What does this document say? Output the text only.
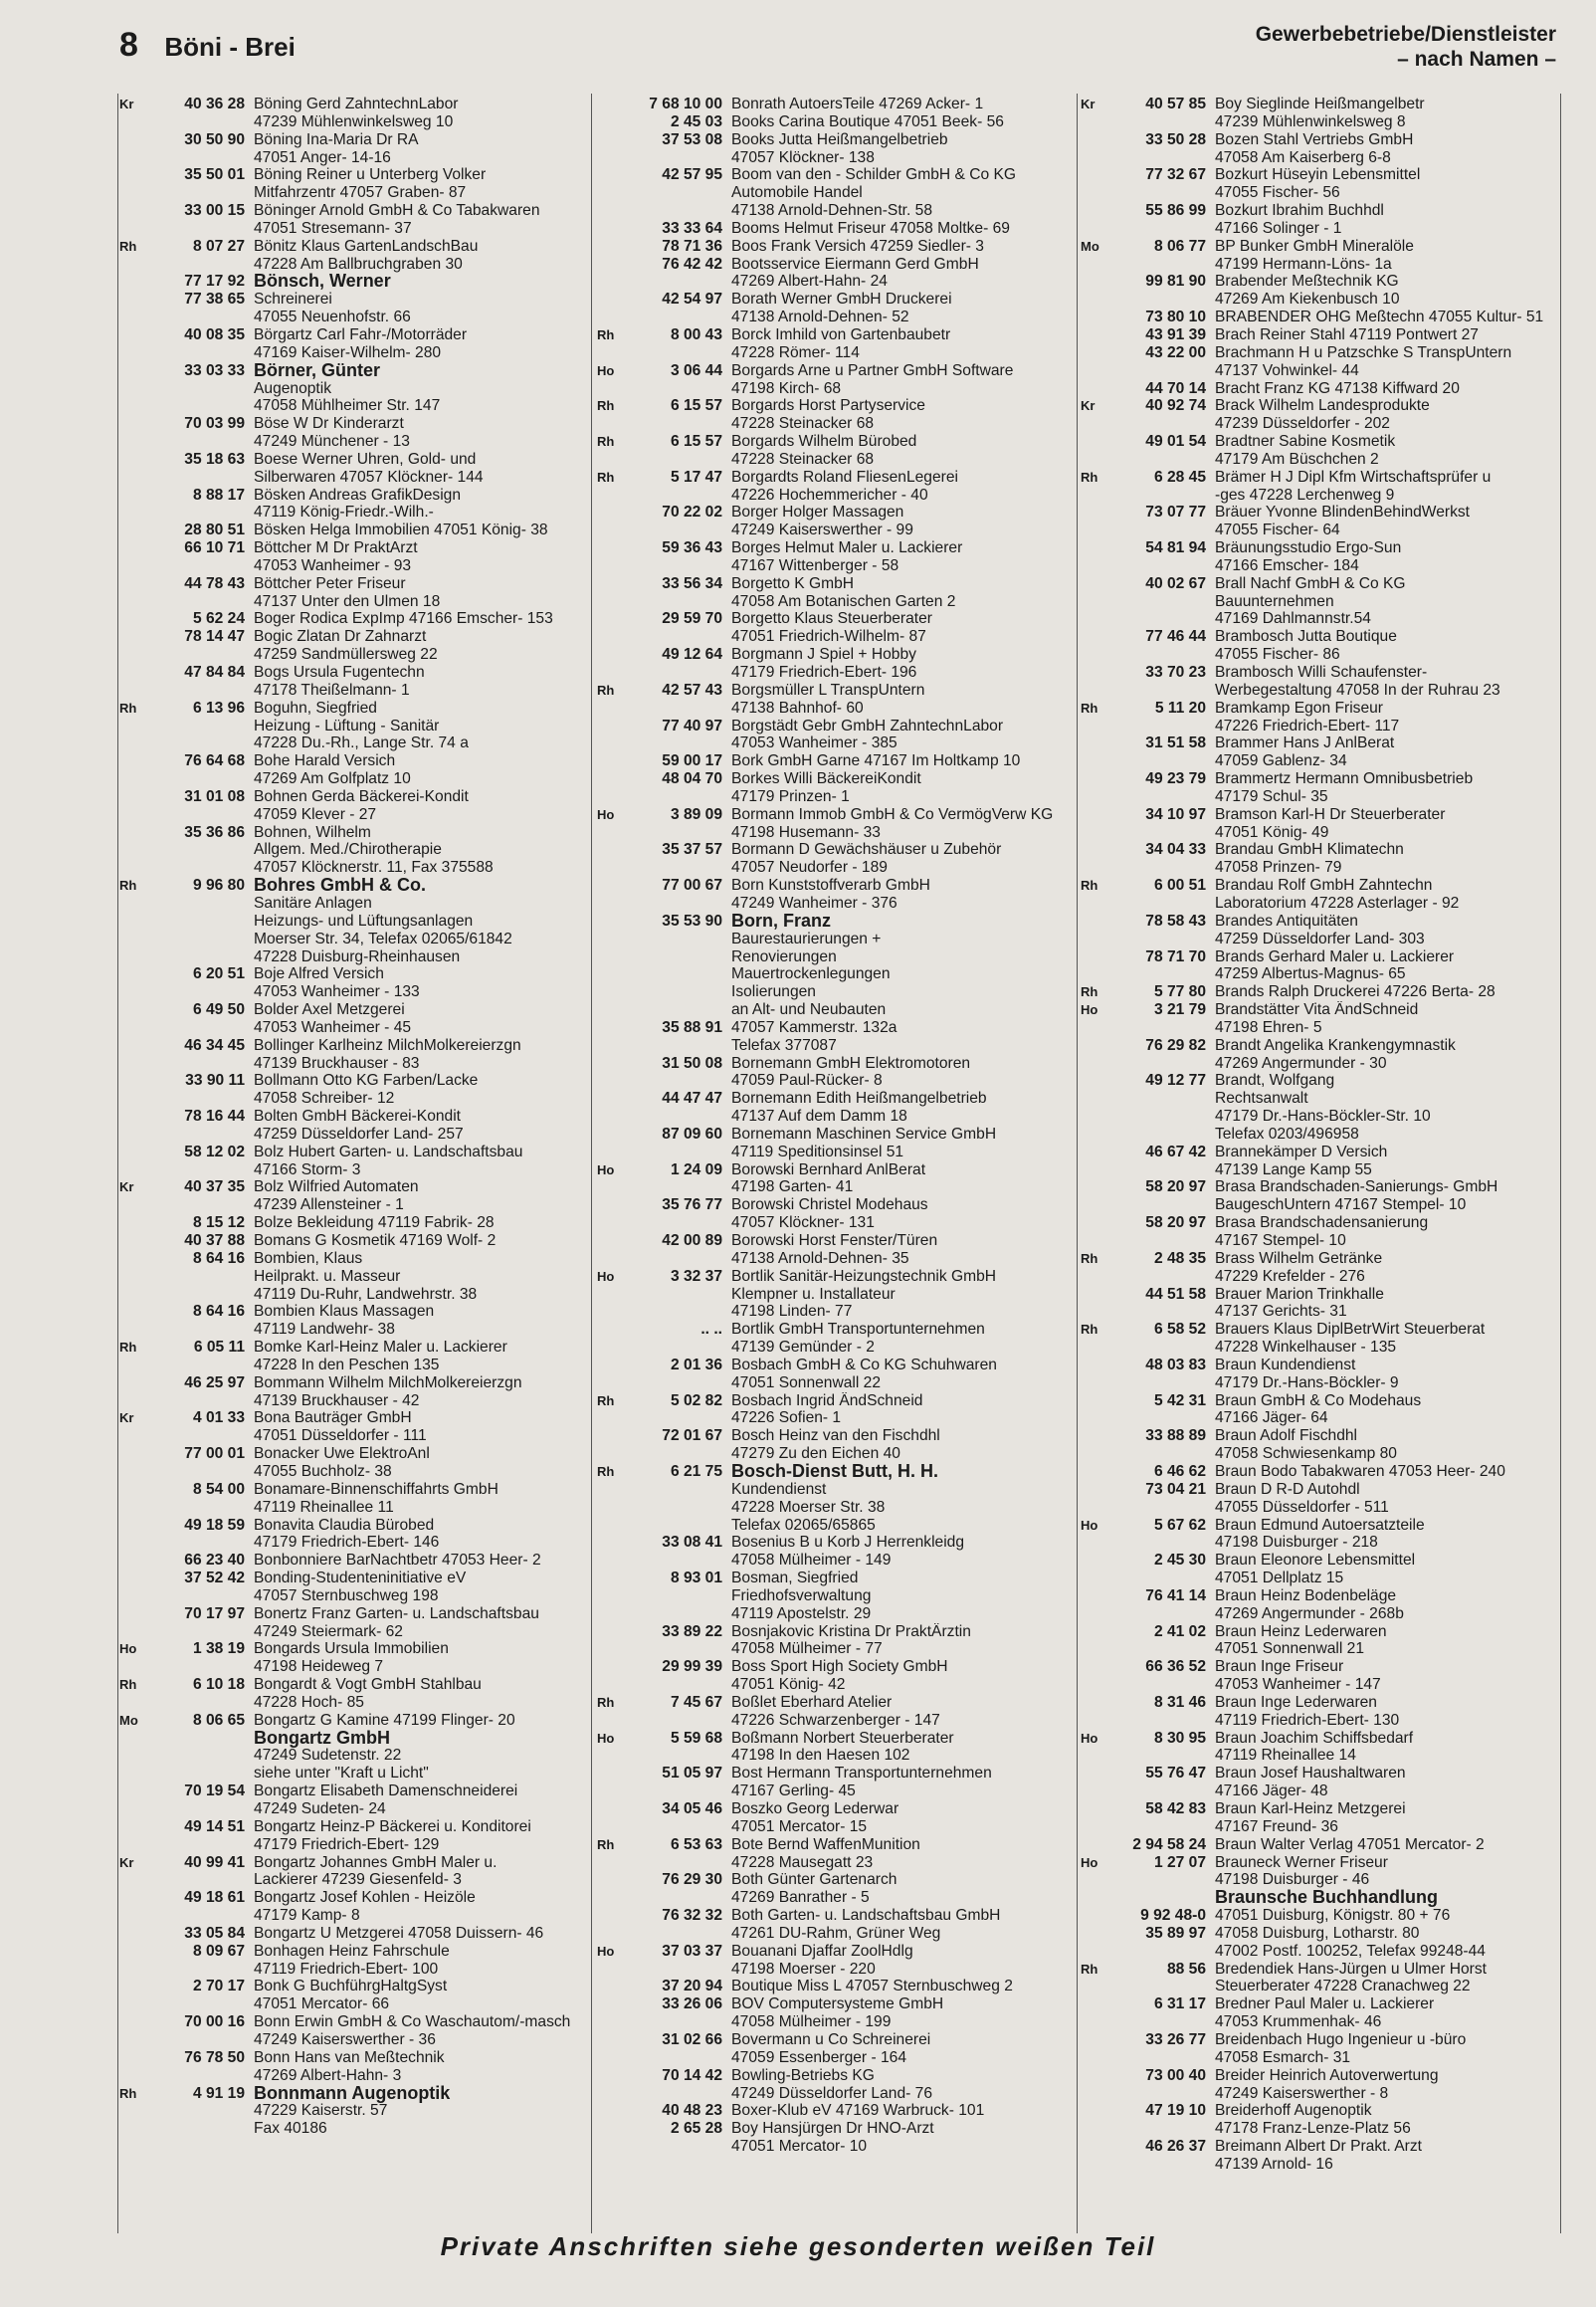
8 Böni - Brei	Gewerbebetriebe/Dienstleister
– nach Namen –
Kr	40 36 28 Böning Gerd ZahntechnLabor
47239 Mühlenwinkelsweg 10
30 50 90 Böning Ina-Maria Dr RA
47051 Anger- 14-16
35 50 01 Böning Reiner u Unterberg Volker
Mitfahrzentr 47057 Graben- 87
33 00 15 Böninger Arnold GmbH & Co Tabakwaren
47051 Stresemann- 37
Rh	8 07 27 Bönitz Klaus GartenLandschBau
47228 Am Ballbruchgraben 30
77 17 92 Bönsch, Werner
77 38 65 Schreinerei
47055 Neuenhofstr. 66
40 08 35 Börgartz Carl Fahr-/Motorräder
47169 Kaiser-Wilhelm- 280
33 03 33 Börner, Günter
Augenoptik
47058 Mühlheimer Str. 147
70 03 99 Böse W Dr Kinderarzt
47249 Münchener - 13
35 18 63 Boese Werner Uhren, Gold- und
Silberwaren 47057 Klöckner- 144
8 88 17 Bösken Andreas GrafikDesign
47119 König-Friedr.-Wilh.-
28 80 51 Bösken Helga Immobilien 47051 König- 38
66 10 71 Böttcher M Dr PraktArzt
47053 Wanheimer - 93
44 78 43 Böttcher Peter Friseur
47137 Unter den Ulmen 18
5 62 24 Boger Rodica ExpImp 47166 Emscher- 153
78 14 47 Bogic Zlatan Dr Zahnarzt
47259 Sandmüllersweg 22
47 84 84 Bogs Ursula Fugentechn
47178 Theißelmann- 1
Rh	6 13 96 Boguhn, Siegfried
Heizung - Lüftung - Sanitär
47228 Du.-Rh., Lange Str. 74 a
76 64 68 Bohe Harald Versich
47269 Am Golfplatz 10
31 01 08 Bohnen Gerda Bäckerei-Kondit
47059 Klever - 27
35 36 86 Bohnen, Wilhelm
Allgem. Med./Chirotherapie
47057 Klöcknerstr. 11, Fax 375588
Rh	9 96 80 Bohres GmbH & Co.
Sanitäre Anlagen
Heizungs- und Lüftungsanlagen
Moerser Str. 34, Telefax 02065/61842
47228 Duisburg-Rheinhausen
6 20 51 Boje Alfred Versich
47053 Wanheimer - 133
6 49 50 Bolder Axel Metzgerei
47053 Wanheimer - 45
46 34 45 Bollinger Karlheinz MilchMolkereierzgn
47139 Bruckhauser - 83
33 90 11 Bollmann Otto KG Farben/Lacke
47058 Schreiber- 12
78 16 44 Bolten GmbH Bäckerei-Kondit
47259 Düsseldorfer Land- 257
58 12 02 Bolz Hubert Garten- u. Landschaftsbau
47166 Storm- 3
Kr	40 37 35 Bolz Wilfried Automaten
47239 Allensteiner - 1
8 15 12 Bolze Bekleidung 47119 Fabrik- 28
40 37 88 Bomans G Kosmetik 47169 Wolf- 2
8 64 16 Bombien, Klaus
Heilprakt. u. Masseur
47119 Du-Ruhr, Landwehrstr. 38
8 64 16 Bombien Klaus Massagen
47119 Landwehr- 38
Rh	6 05 11 Bomke Karl-Heinz Maler u. Lackierer
47228 In den Peschen 135
46 25 97 Bommann Wilhelm MilchMolkereierzgn
47139 Bruckhauser - 42
Kr	4 01 33 Bona Bauträger GmbH
47051 Düsseldorfer - 111
77 00 01 Bonacker Uwe ElektroAnl
47055 Buchholz- 38
8 54 00 Bonamare-Binnenschiffahrts GmbH
47119 Rheinallee 11
49 18 59 Bonavita Claudia Bürobed
47179 Friedrich-Ebert- 146
66 23 40 Bonbonniere BarNachtbetr 47053 Heer- 2
37 52 42 Bonding-Studenteninitiative eV
47057 Sternbuschweg 198
70 17 97 Bonertz Franz Garten- u. Landschaftsbau
47249 Steiermark- 62
Ho	1 38 19 Bongards Ursula Immobilien
47198 Heideweg 7
Rh	6 10 18 Bongardt & Vogt GmbH Stahlbau
47228 Hoch- 85
Mo	8 06 65 Bongartz G Kamine 47199 Flinger- 20
Bongartz GmbH
47249 Sudetenstr. 22
siehe unter "Kraft u Licht"
70 19 54 Bongartz Elisabeth Damenschneiderei
47249 Sudeten- 24
49 14 51 Bongartz Heinz-P Bäckerei u. Konditorei
47179 Friedrich-Ebert- 129
Kr	40 99 41 Bongartz Johannes GmbH Maler u.
Lackierer 47239 Giesenfeld- 3
49 18 61 Bongartz Josef Kohlen - Heizöle
47179 Kamp- 8
33 05 84 Bongartz U Metzgerei 47058 Duissern- 46
8 09 67 Bonhagen Heinz Fahrschule
47119 Friedrich-Ebert- 100
2 70 17 Bonk G BuchführgHaltgSyst
47051 Mercator- 66
70 00 16 Bonn Erwin GmbH & Co Waschautom/-masch
47249 Kaiserswerther - 36
76 78 50 Bonn Hans van Meßtechnik
47269 Albert-Hahn- 3
Rh	4 91 19 Bonnmann Augenoptik
47229 Kaiserstr. 57
Fax 40186
7 68 10 00 Bonrath AutoersTeile 47269 Acker- 1
2 45 03 Books Carina Boutique 47051 Beek- 56
37 53 08 Books Jutta Heißmangelbetrieb
47057 Klöckner- 138
42 57 95 Boom van den - Schilder GmbH & Co KG
Automobile Handel
47138 Arnold-Dehnen-Str. 58
33 33 64 Booms Helmut Friseur 47058 Moltke- 69
78 71 36 Boos Frank Versich 47259 Siedler- 3
76 42 42 Bootsservice Eiermann Gerd GmbH
47269 Albert-Hahn- 24
42 54 97 Borath Werner GmbH Druckerei
47138 Arnold-Dehnen- 52
Rh	8 00 43 Borck Imhild von Gartenbaubetr
47228 Römer- 114
Ho	3 06 44 Borgards Arne u Partner GmbH Software
47198 Kirch- 68
Rh	6 15 57 Borgards Horst Partyservice
47228 Steinacker 68
Rh	6 15 57 Borgards Wilhelm Bürobed
47228 Steinacker 68
Rh	5 17 47 Borgardts Roland FliesenLegerei
47226 Hochemmericher - 40
70 22 02 Borger Holger Massagen
47249 Kaiserswerther - 99
59 36 43 Borges Helmut Maler u. Lackierer
47167 Wittenberger - 58
33 56 34 Borgetto K GmbH
47058 Am Botanischen Garten 2
29 59 70 Borgetto Klaus Steuerberater
47051 Friedrich-Wilhelm- 87
49 12 64 Borgmann J Spiel + Hobby
47179 Friedrich-Ebert- 196
Rh	42 57 43 Borgsmüller L TranspUntern
47138 Bahnhof- 60
77 40 97 Borgstädt Gebr GmbH ZahntechnLabor
47053 Wanheimer - 385
59 00 17 Bork GmbH Garne 47167 Im Holtkamp 10
48 04 70 Borkes Willi BäckereiKondit
47179 Prinzen- 1
Ho	3 89 09 Bormann Immob GmbH & Co VermögVerw KG
47198 Husemann- 33
35 37 57 Bormann D Gewächshäuser u Zubehör
47057 Neudorfer - 189
77 00 67 Born Kunststoffverarb GmbH
47249 Wanheimer - 376
35 53 90 Born, Franz
Baurestaurierungen +
Renovierungen
Mauertrockenlegungen
Isolierungen
an Alt- und Neubauten
35 88 91 47057 Kammerstr. 132a
Telefax 377087
31 50 08 Bornemann GmbH Elektromotoren
47059 Paul-Rücker- 8
44 47 47 Bornemann Edith Heißmangelbetrieb
47137 Auf dem Damm 18
87 09 60 Bornemann Maschinen Service GmbH
47119 Speditionsinsel 51
Ho	1 24 09 Borowski Bernhard AnlBerat
47198 Garten- 41
35 76 77 Borowski Christel Modehaus
47057 Klöckner- 131
42 00 89 Borowski Horst Fenster/Türen
47138 Arnold-Dehnen- 35
Ho	3 32 37 Bortlik Sanitär-Heizungstechnik GmbH
Klempner u. Installateur
47198 Linden- 77
.. .. Bortlik GmbH Transportunternehmen
47139 Gemünder - 2
2 01 36 Bosbach GmbH & Co KG Schuhwaren
47051 Sonnenwall 22
Rh	5 02 82 Bosbach Ingrid ÄndSchneid
47226 Sofien- 1
72 01 67 Bosch Heinz van den Fischdhl
47279 Zu den Eichen 40
Rh	6 21 75 Bosch-Dienst Butt, H. H.
Kundendienst
47228 Moerser Str. 38
Telefax 02065/65865
33 08 41 Bosenius B u Korb J Herrenkleidg
47058 Mülheimer - 149
8 93 01 Bosman, Siegfried
Friedhofsverwaltung
47119 Apostelstr. 29
33 89 22 Bosnjakovic Kristina Dr PraktÄrztin
47058 Mülheimer - 77
29 99 39 Boss Sport High Society GmbH
47051 König- 42
Rh	7 45 67 Boßlet Eberhard Atelier
47226 Schwarzenberger - 147
Ho	5 59 68 Boßmann Norbert Steuerberater
47198 In den Haesen 102
51 05 97 Bost Hermann Transportunternehmen
47167 Gerling- 45
34 05 46 Boszko Georg Lederwar
47051 Mercator- 15
Rh	6 53 63 Bote Bernd WaffenMunition
47228 Mausegatt 23
76 29 30 Both Günter Gartenarch
47269 Banrather - 5
76 32 32 Both Garten- u. Landschaftsbau GmbH
47261 DU-Rahm, Grüner Weg
Ho	37 03 37 Bouanani Djaffar ZoolHdlg
47198 Moerser - 220
37 20 94 Boutique Miss L 47057 Sternbuschweg 2
33 26 06 BOV Computersysteme GmbH
47058 Mülheimer - 199
31 02 66 Bovermann u Co Schreinerei
47059 Essenberger - 164
70 14 42 Bowling-Betriebs KG
47249 Düsseldorfer Land- 76
40 48 23 Boxer-Klub eV 47169 Warbruck- 101
2 65 28 Boy Hansjürgen Dr HNO-Arzt
47051 Mercator- 10
Kr	40 57 85 Boy Sieglinde Heißmangelbetr
47239 Mühlenwinkelsweg 8
33 50 28 Bozen Stahl Vertriebs GmbH
47058 Am Kaiserberg 6-8
77 32 67 Bozkurt Hüseyin Lebensmittel
47055 Fischer- 56
55 86 99 Bozkurt Ibrahim Buchhdl
47166 Solinger - 1
Mo	8 06 77 BP Bunker GmbH Mineralöle
47199 Hermann-Löns- 1a
99 81 90 Brabender Meßtechnik KG
47269 Am Kiekenbusch 10
73 80 10 BRABENDER OHG Meßtechn 47055 Kultur- 51
43 91 39 Brach Reiner Stahl 47119 Pontwert 27
43 22 00 Brachmann H u Patzschke S TranspUntern
47137 Vohwinkel- 44
44 70 14 Bracht Franz KG 47138 Kiffward 20
Kr	40 92 74 Brack Wilhelm Landesprodukte
47239 Düsseldorfer - 202
49 01 54 Bradtner Sabine Kosmetik
47179 Am Büschchen 2
Rh	6 28 45 Brämer H J Dipl Kfm Wirtschaftsprüfer u
-ges 47228 Lerchenweg 9
73 07 77 Bräuer Yvonne BlindenBehindWerkst
47055 Fischer- 64
54 81 94 Bräunungsstudio Ergo-Sun
47166 Emscher- 184
40 02 67 Brall Nachf GmbH & Co KG
Bauunternehmen
47169 Dahlmannstr.54
77 46 44 Brambosch Jutta Boutique
47055 Fischer- 86
33 70 23 Brambosch Willi Schaufenster-
Werbegestaltung 47058 In der Ruhrau 23
Rh	5 11 20 Bramkamp Egon Friseur
47226 Friedrich-Ebert- 117
31 51 58 Brammer Hans J AnlBerat
47059 Gablenz- 34
49 23 79 Brammertz Hermann Omnibusbetrieb
47179 Schul- 35
34 10 97 Bramson Karl-H Dr Steuerberater
47051 König- 49
34 04 33 Brandau GmbH Klimatechn
47058 Prinzen- 79
Rh	6 00 51 Brandau Rolf GmbH Zahntechn
Laboratorium 47228 Asterlager - 92
78 58 43 Brandes Antiquitäten
47259 Düsseldorfer Land- 303
78 71 70 Brands Gerhard Maler u. Lackierer
47259 Albertus-Magnus- 65
Rh	5 77 80 Brands Ralph Druckerei 47226 Berta- 28
Ho	3 21 79 Brandstätter Vita ÄndSchneid
47198 Ehren- 5
76 29 82 Brandt Angelika Krankengymnastik
47269 Angermunder - 30
49 12 77 Brandt, Wolfgang
Rechtsanwalt
47179 Dr.-Hans-Böckler-Str. 10
Telefax 0203/496958
46 67 42 Brannekämper D Versich
47139 Lange Kamp 55
58 20 97 Brasa Brandschaden-Sanierungs- GmbH
BaugeschUntern 47167 Stempel- 10
58 20 97 Brasa Brandschadensanierung
47167 Stempel- 10
Rh	2 48 35 Brass Wilhelm Getränke
47229 Krefelder - 276
44 51 58 Brauer Marion Trinkhalle
47137 Gerichts- 31
Rh	6 58 52 Brauers Klaus DiplBetrWirt Steuerberat
47228 Winkelhauser - 135
48 03 83 Braun Kundendienst
47179 Dr.-Hans-Böckler- 9
5 42 31 Braun GmbH & Co Modehaus
47166 Jäger- 64
33 88 89 Braun Adolf Fischdhl
47058 Schwiesenkamp 80
6 46 62 Braun Bodo Tabakwaren 47053 Heer- 240
73 04 21 Braun D R-D Autohdl
47055 Düsseldorfer - 511
Ho	5 67 62 Braun Edmund Autoersatzteile
47198 Duisburger - 218
2 45 30 Braun Eleonore Lebensmittel
47051 Dellplatz 15
76 41 14 Braun Heinz Bodenbeläge
47269 Angermunder - 268b
2 41 02 Braun Heinz Lederwaren
47051 Sonnenwall 21
66 36 52 Braun Inge Friseur
47053 Wanheimer - 147
8 31 46 Braun Inge Lederwaren
47119 Friedrich-Ebert- 130
Ho	8 30 95 Braun Joachim Schiffsbedarf
47119 Rheinallee 14
55 76 47 Braun Josef Haushaltwaren
47166 Jäger- 48
58 42 83 Braun Karl-Heinz Metzgerei
47167 Freund- 36
2 94 58 24 Braun Walter Verlag 47051 Mercator- 2
Ho	1 27 07 Brauneck Werner Friseur
47198 Duisburger - 46
Braunsche Buchhandlung
9 92 48-0 47051 Duisburg, Königstr. 80 + 76
35 89 97 47058 Duisburg, Lotharstr. 80
47002 Postf. 100252, Telefax 99248-44
Rh	88 56 Bredendiek Hans-Jürgen u Ulmer Horst
Steuerberater 47228 Cranachweg 22
6 31 17 Bredner Paul Maler u. Lackierer
47053 Krummenhak- 46
33 26 77 Breidenbach Hugo Ingenieur u -büro
47058 Esmarch- 31
73 00 40 Breider Heinrich Autoverwertung
47249 Kaiserswerther - 8
47 19 10 Breiderhoff Augenoptik
47178 Franz-Lenze-Platz 56
46 26 37 Breimann Albert Dr Prakt. Arzt
47139 Arnold- 16
Private Anschriften siehe gesonderten weißen Teil
